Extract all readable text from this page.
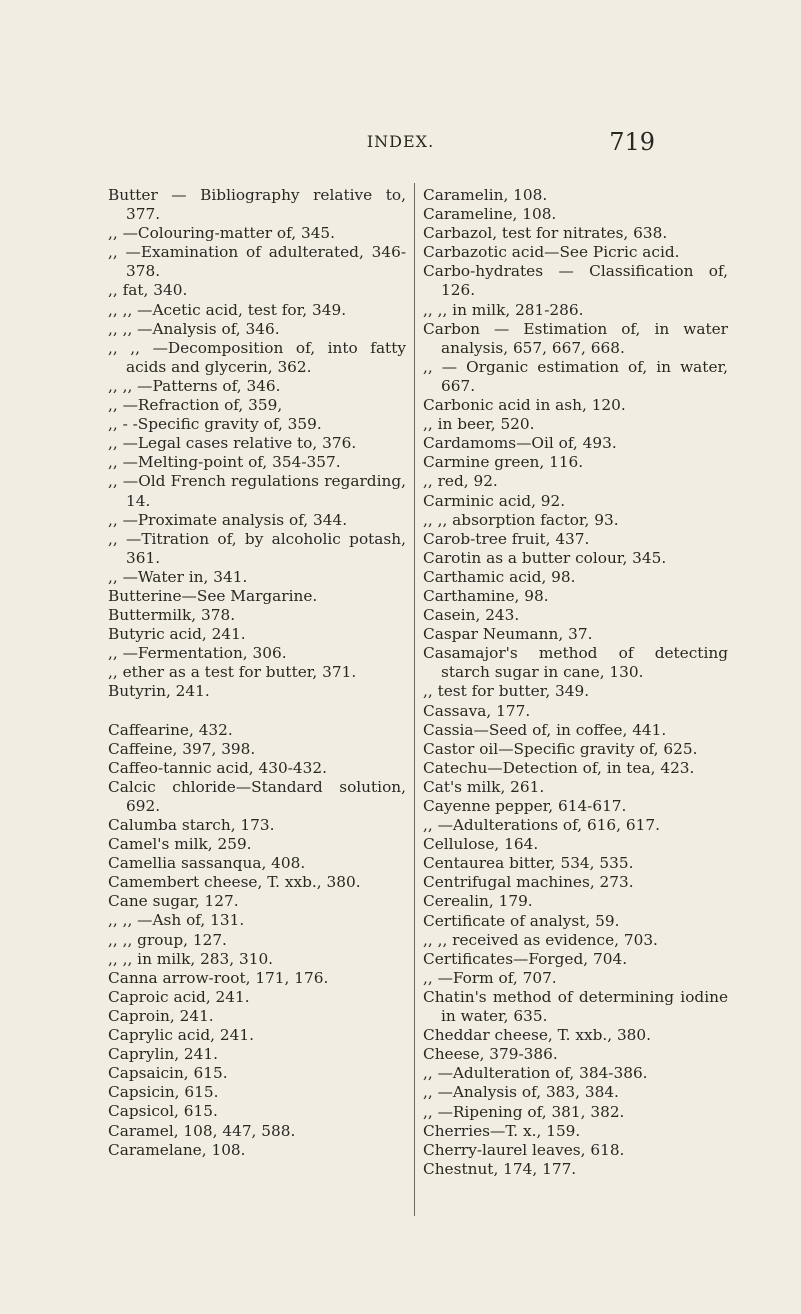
INDEX.	719
Butter — Bibliography relative to, 377.
,, —Colouring-matter of, 345.
,, —Examination of adulterated, 346-378.
,, fat, 340.
,, ,, —Acetic acid, test for, 349.
,, ,, —Analysis of, 346.
,, ,, —Decomposition of, into fatty acids and glycerin, 362.
,, ,, —Patterns of, 346.
,, —Refraction of, 359,
,, - -Specific gravity of, 359.
,, —Legal cases relative to, 376.
,, —Melting-point of, 354-357.
,, —Old French regulations regarding, 14.
,, —Proximate analysis of, 344.
,, —Titration of, by alcoholic potash, 361.
,, —Water in, 341.
Butterine—See Margarine.
Buttermilk, 378.
Butyric acid, 241.
,, —Fermentation, 306.
,, ether as a test for butter, 371.
Butyrin, 241.
Caffearine, 432.
Caffeine, 397, 398.
Caffeo-tannic acid, 430-432.
Calcic chloride—Standard solution, 692.
Calumba starch, 173.
Camel's milk, 259.
Camellia sassanqua, 408.
Camembert cheese, T. xxb., 380.
Cane sugar, 127.
,, ,, —Ash of, 131.
,, ,, group, 127.
,, ,, in milk, 283, 310.
Canna arrow-root, 171, 176.
Caproic acid, 241.
Caproin, 241.
Caprylic acid, 241.
Caprylin, 241.
Capsaicin, 615.
Capsicin, 615.
Capsicol, 615.
Caramel, 108, 447, 588.
Caramelane, 108.
Caramelin, 108.
Carameline, 108.
Carbazol, test for nitrates, 638.
Carbazotic acid—See Picric acid.
Carbo-hydrates — Classification of, 126.
,, ,, in milk, 281-286.
Carbon — Estimation of, in water analysis, 657, 667, 668.
,, — Organic estimation of, in water, 667.
Carbonic acid in ash, 120.
,, in beer, 520.
Cardamoms—Oil of, 493.
Carmine green, 116.
,, red, 92.
Carminic acid, 92.
,, ,, absorption factor, 93.
Carob-tree fruit, 437.
Carotin as a butter colour, 345.
Carthamic acid, 98.
Carthamine, 98.
Casein, 243.
Caspar Neumann, 37.
Casamajor's method of detecting starch sugar in cane, 130.
,, test for butter, 349.
Cassava, 177.
Cassia—Seed of, in coffee, 441.
Castor oil—Specific gravity of, 625.
Catechu—Detection of, in tea, 423.
Cat's milk, 261.
Cayenne pepper, 614-617.
,, —Adulterations of, 616, 617.
Cellulose, 164.
Centaurea bitter, 534, 535.
Centrifugal machines, 273.
Cerealin, 179.
Certificate of analyst, 59.
,, ,, received as evidence, 703.
Certificates—Forged, 704.
,, —Form of, 707.
Chatin's method of determining iodine in water, 635.
Cheddar cheese, T. xxb., 380.
Cheese, 379-386.
,, —Adulteration of, 384-386.
,, —Analysis of, 383, 384.
,, —Ripening of, 381, 382.
Cherries—T. x., 159.
Cherry-laurel leaves, 618.
Chestnut, 174, 177.
